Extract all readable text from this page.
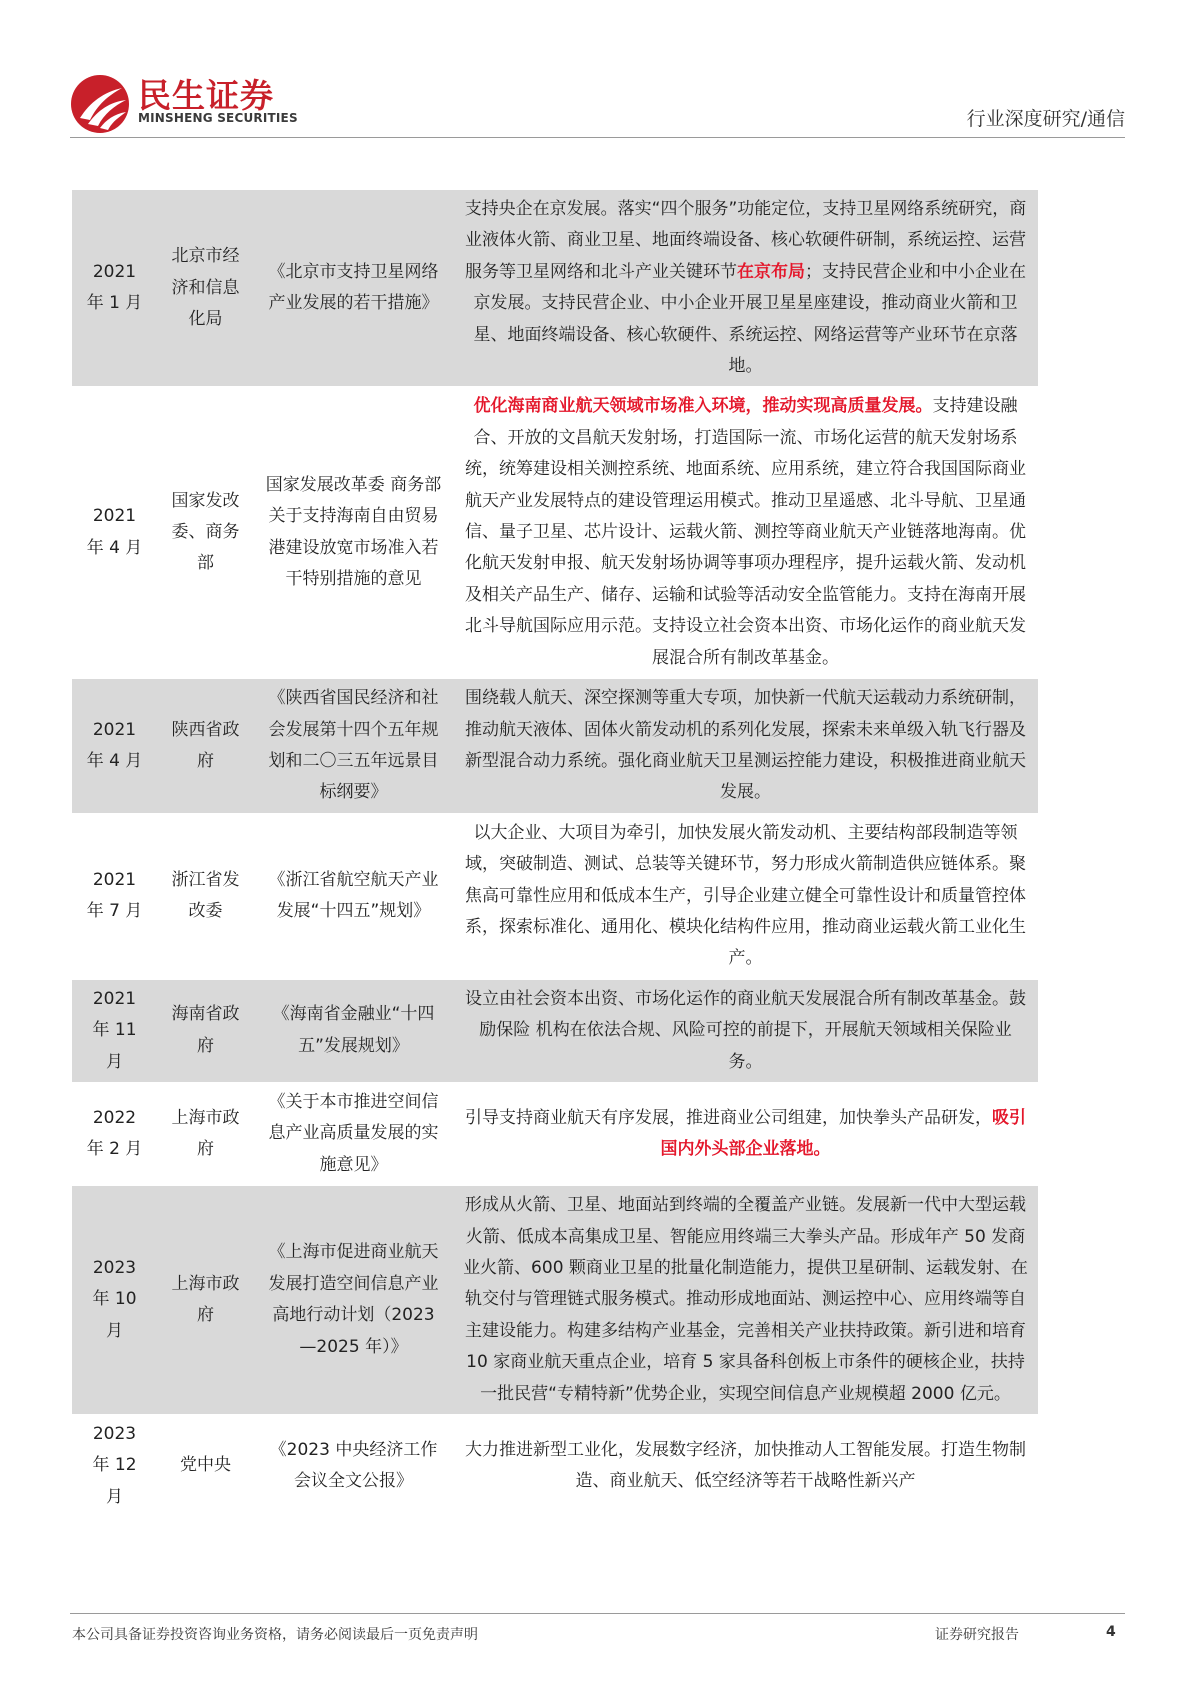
民生证券
MINSHENG SECURITIES	行业深度研究/通信
2021 年 1 月	北京市经济和信息化局	《北京市支持卫星网络产业发展的若干措施》	支持央企在京发展。落实“四个服务”功能定位，支持卫星网络系统研究，商业液体火箭、商业卫星、地面终端设备、核心软硬件研制，系统运控、运营服务等卫星网络和北斗产业关键环节在京布局；支持民营企业和中小企业在京发展。支持民营企业、中小企业开展卫星星座建设，推动商业火箭和卫星、地面终端设备、核心软硬件、系统运控、网络运营等产业环节在京落地。
2021 年 4 月	国家发改委、商务部	国家发展改革委 商务部关于支持海南自由贸易港建设放宽市场准入若干特别措施的意见	优化海南商业航天领域市场准入环境，推动实现高质量发展。支持建设融合、开放的文昌航天发射场，打造国际一流、市场化运营的航天发射场系统，统筹建设相关测控系统、地面系统、应用系统，建立符合我国国际商业航天产业发展特点的建设管理运用模式。推动卫星遥感、北斗导航、卫星通信、量子卫星、芯片设计、运载火箭、测控等商业航天产业链落地海南。优化航天发射申报、航天发射场协调等事项办理程序，提升运载火箭、发动机及相关产品生产、储存、运输和试验等活动安全监管能力。支持在海南开展北斗导航国际应用示范。支持设立社会资本出资、市场化运作的商业航天发展混合所有制改革基金。
2021 年 4 月	陕西省政府	《陕西省国民经济和社会发展第十四个五年规划和二〇三五年远景目标纲要》	围绕载人航天、深空探测等重大专项，加快新一代航天运载动力系统研制，推动航天液体、固体火箭发动机的系列化发展，探索未来单级入轨飞行器及新型混合动力系统。强化商业航天卫星测运控能力建设，积极推进商业航天发展。
2021 年 7 月	浙江省发改委	《浙江省航空航天产业发展“十四五”规划》	以大企业、大项目为牵引，加快发展火箭发动机、主要结构部段制造等领域，突破制造、测试、总装等关键环节，努力形成火箭制造供应链体系。聚焦高可靠性应用和低成本生产，引导企业建立健全可靠性设计和质量管控体系，探索标准化、通用化、模块化结构件应用，推动商业运载火箭工业化生产。
2021 年 11 月	海南省政府	《海南省金融业“十四五”发展规划》	设立由社会资本出资、市场化运作的商业航天发展混合所有制改革基金。鼓励保险 机构在依法合规、风险可控的前提下，开展航天领域相关保险业务。
2022 年 2 月	上海市政府	《关于本市推进空间信息产业高质量发展的实施意见》	引导支持商业航天有序发展，推进商业公司组建，加快拳头产品研发，吸引国内外头部企业落地。
2023 年 10 月	上海市政府	《上海市促进商业航天发展打造空间信息产业高地行动计划（2023—2025 年）》	形成从火箭、卫星、地面站到终端的全覆盖产业链。发展新一代中大型运载火箭、低成本高集成卫星、智能应用终端三大拳头产品。形成年产 50 发商业火箭、600 颗商业卫星的批量化制造能力，提供卫星研制、运载发射、在轨交付与管理链式服务模式。推动形成地面站、测运控中心、应用终端等自主建设能力。构建多结构产业基金，完善相关产业扶持政策。新引进和培育 10 家商业航天重点企业，培育 5 家具备科创板上市条件的硬核企业，扶持一批民营“专精特新”优势企业，实现空间信息产业规模超 2000 亿元。
2023 年 12 月	党中央	《2023 中央经济工作会议全文公报》	大力推进新型工业化，发展数字经济，加快推动人工智能发展。打造生物制造、商业航天、低空经济等若干战略性新兴产
本公司具备证券投资咨询业务资格，请务必阅读最后一页免责声明	证券研究报告	4
